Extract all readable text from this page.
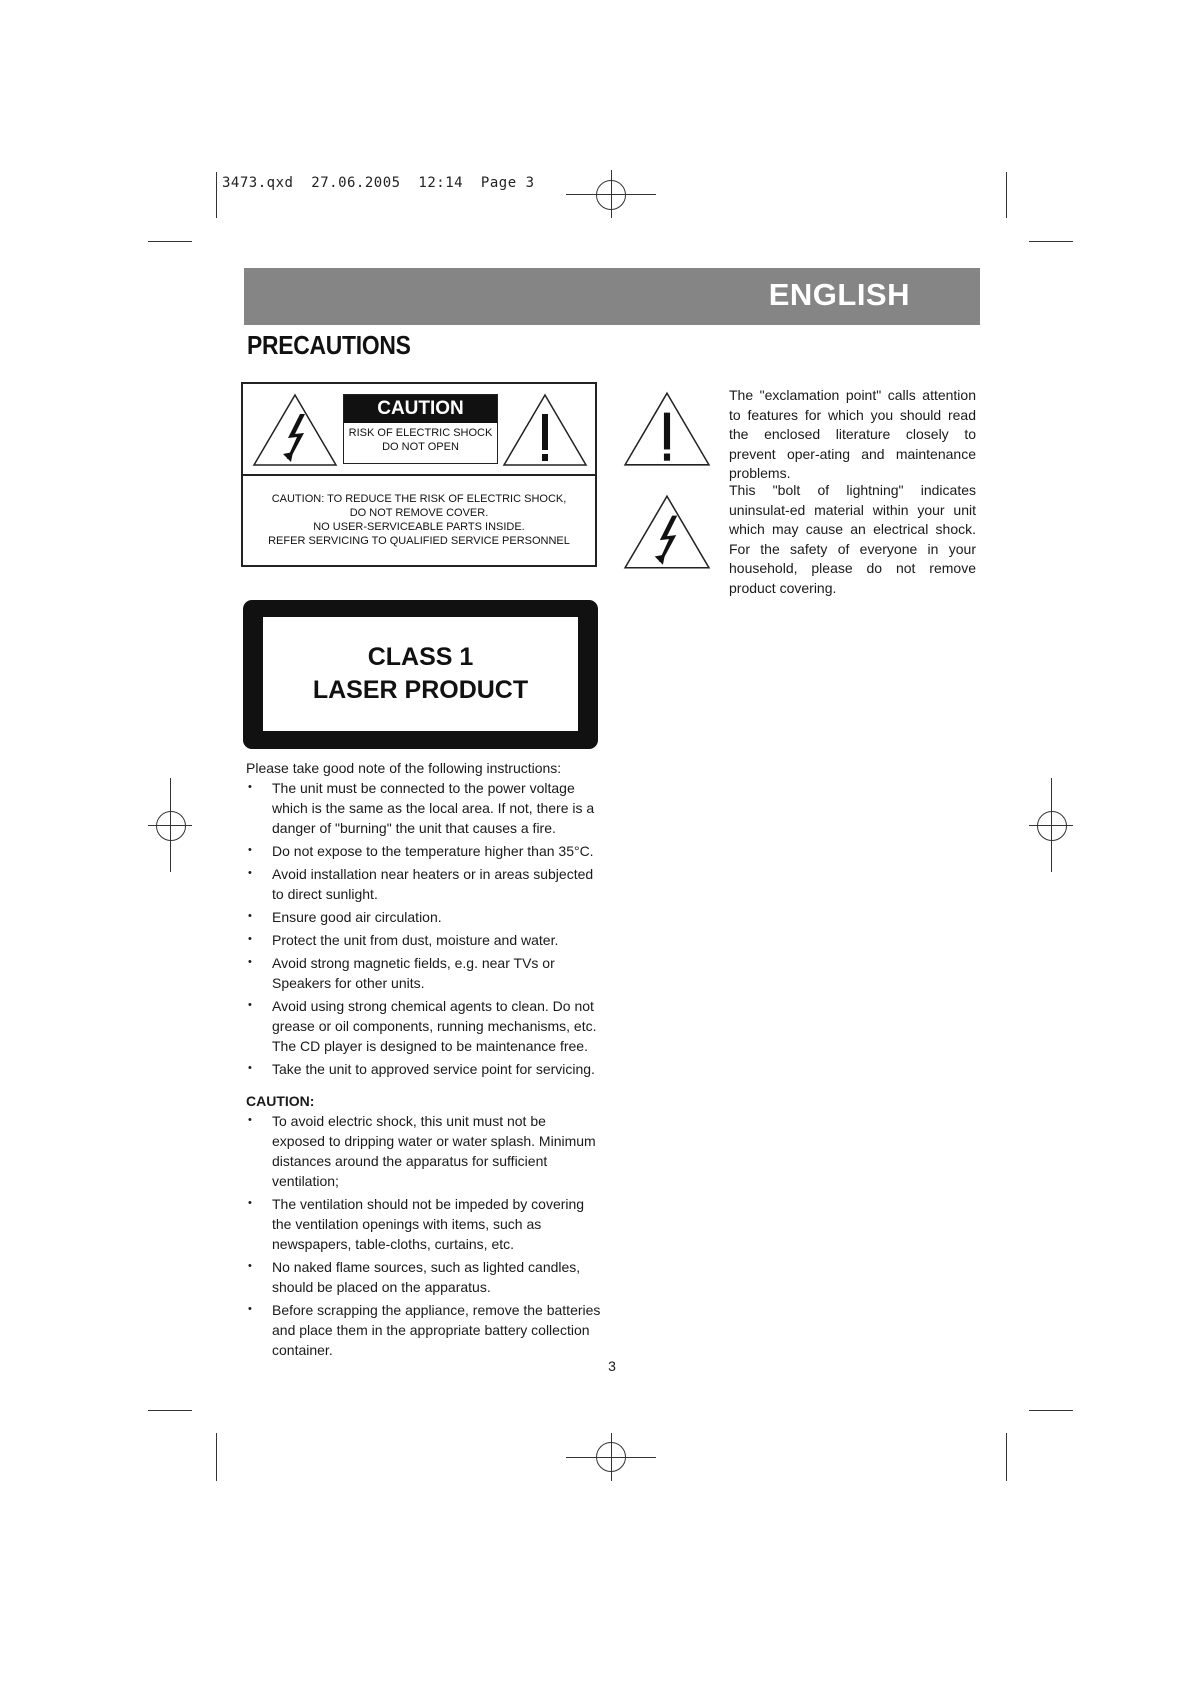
3473.qxd  27.06.2005  12:14  Page 3
ENGLISH
PRECAUTIONS
CAUTION
RISK OF ELECTRIC SHOCK
DO NOT OPEN
CAUTION: TO REDUCE THE RISK OF ELECTRIC SHOCK,
DO NOT REMOVE COVER.
NO USER-SERVICEABLE PARTS INSIDE.
REFER SERVICING TO QUALIFIED SERVICE PERSONNEL
The "exclamation point" calls attention to features for which you should read the enclosed literature closely to prevent oper-ating and maintenance problems.
This "bolt of lightning" indicates uninsulat-ed material within your unit which may cause an electrical shock. For the safety of everyone in your household, please do not remove product covering.
CLASS 1
LASER PRODUCT
Please take good note of the following instructions:
• The unit must be connected to the power voltage which is the same as the local area. If not, there is a danger of "burning" the unit that causes a fire.
• Do not expose to the temperature higher than 35°C.
• Avoid installation near heaters or in areas subjected to direct sunlight.
• Ensure good air circulation.
• Protect the unit from dust, moisture and water.
• Avoid strong magnetic fields, e.g. near TVs or Speakers for other units.
• Avoid using strong chemical agents to clean. Do not grease or oil components, running mechanisms, etc. The CD player is designed to be maintenance free.
• Take the unit to approved service point for servicing.
CAUTION:
• To avoid electric shock, this unit must not be exposed to dripping water or water splash. Minimum distances around the apparatus for sufficient ventilation;
• The ventilation should not be impeded by covering the ventilation openings with items, such as newspapers, table-cloths, curtains, etc.
• No naked flame sources, such as lighted candles, should be placed on the apparatus.
• Before scrapping the appliance, remove the batteries and place them in the appropriate battery collection container.
3
